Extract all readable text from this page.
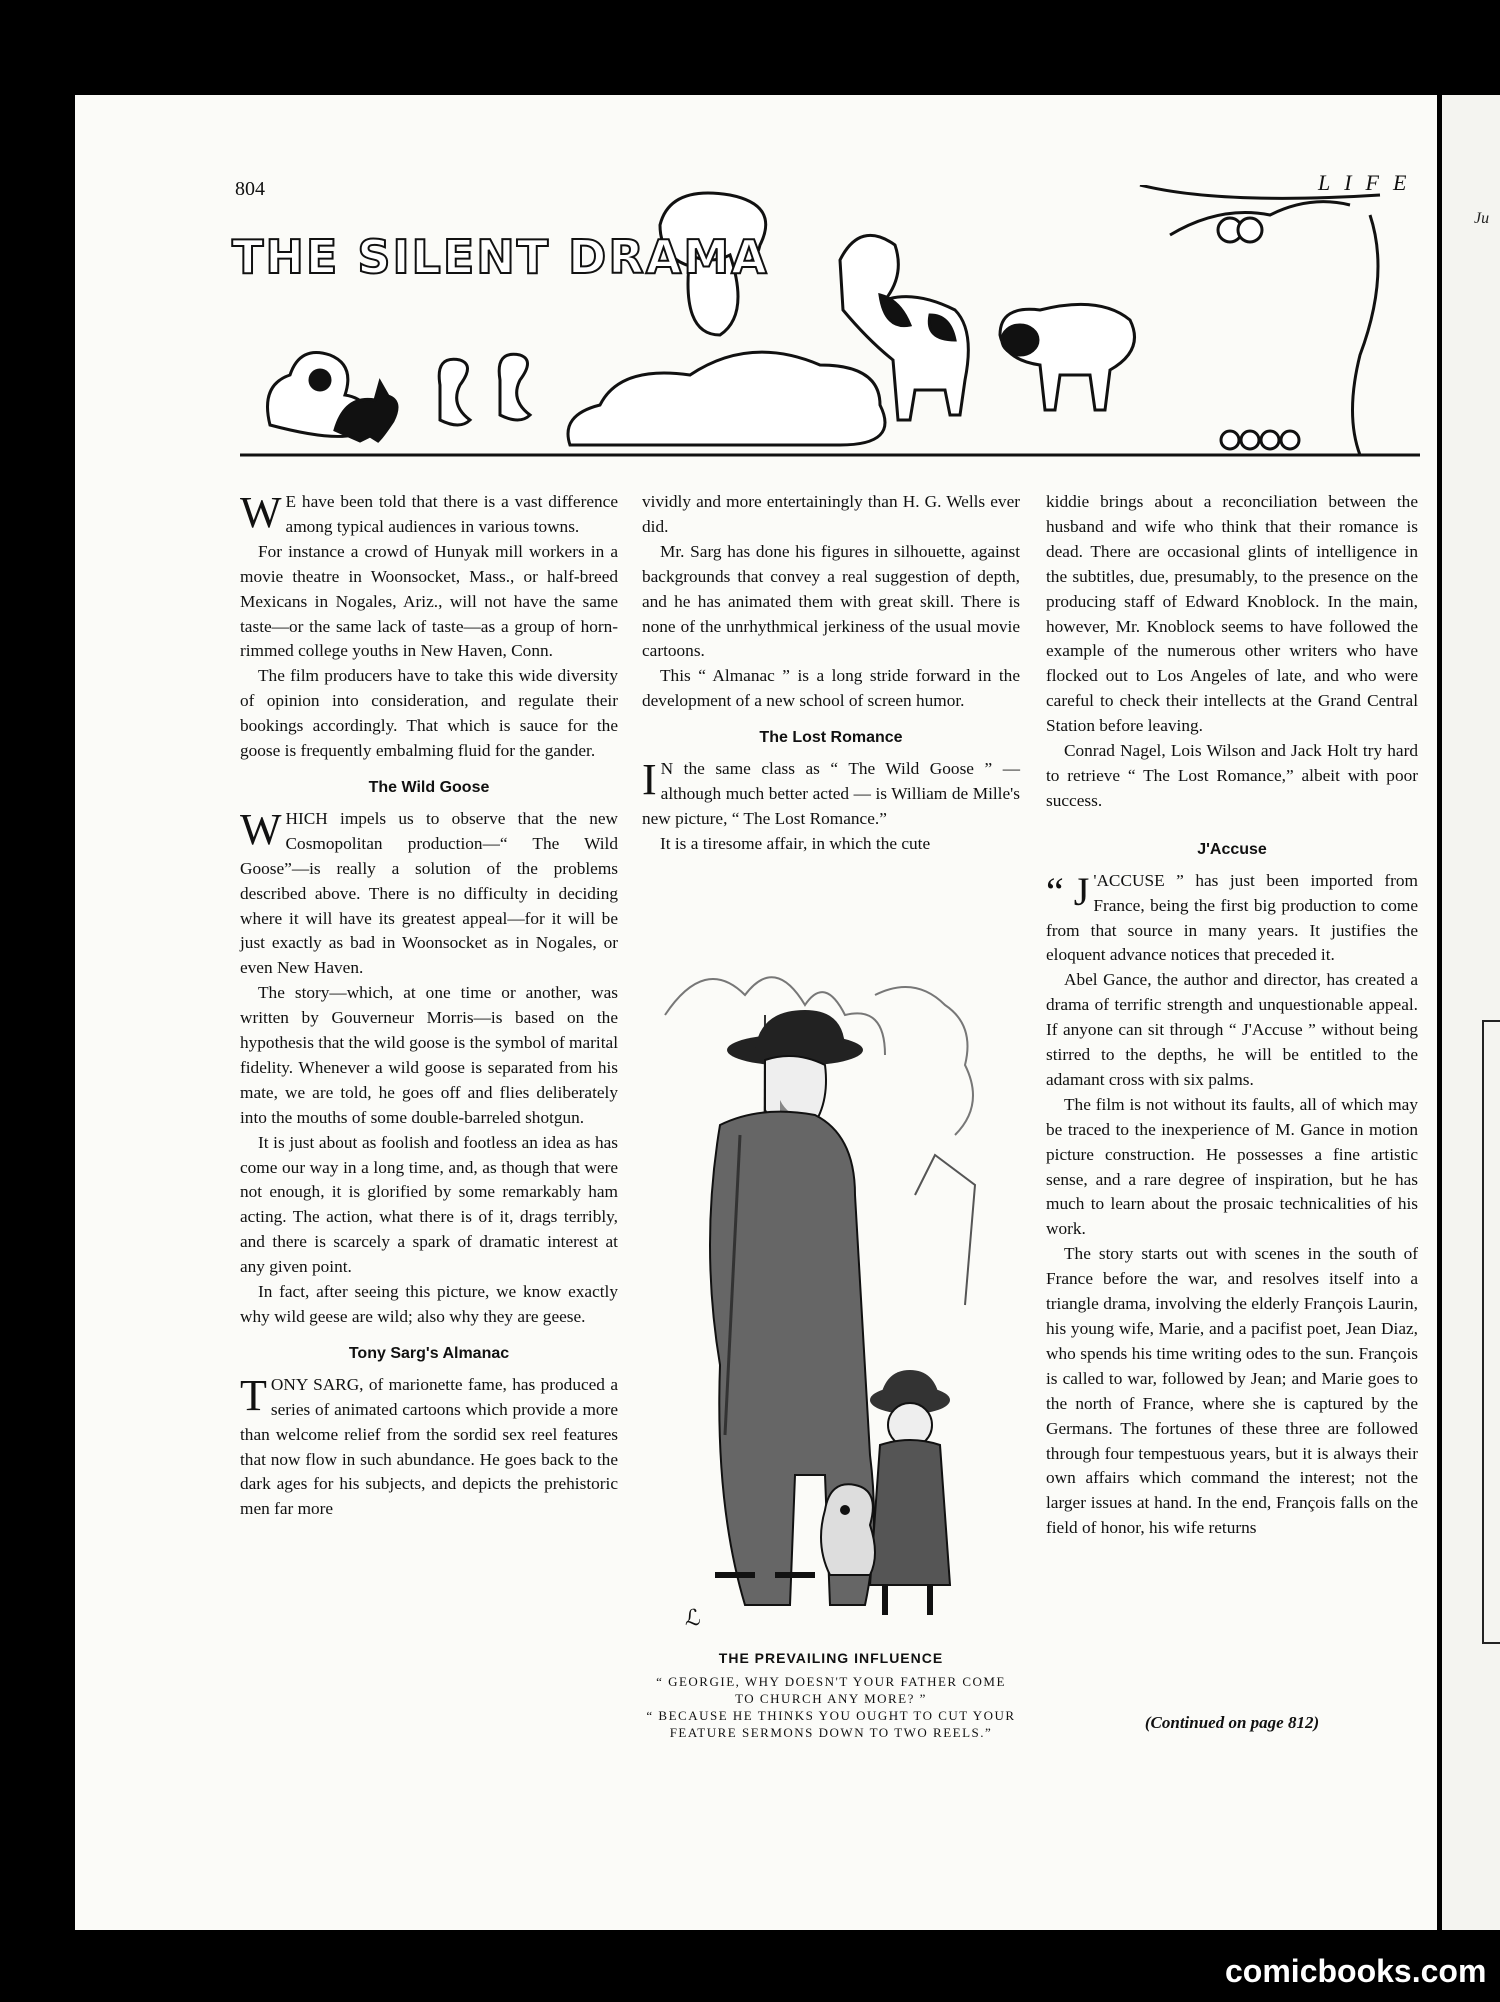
Ju
804	LIFE
THE SILENT DRAMA

W E have been told that there is a vast difference among typical audiences in various towns.

For instance a crowd of Hunyak mill workers in a movie theatre in Woonsocket, Mass., or half-breed Mexicans in Nogales, Ariz., will not have the same taste—or the same lack of taste—as a group of horn-rimmed college youths in New Haven, Conn.

The film producers have to take this wide diversity of opinion into consideration, and regulate their bookings accordingly. That which is sauce for the goose is frequently embalming fluid for the gander.

The Wild Goose

WHICH impels us to observe that the new Cosmopolitan production—“ The Wild Goose”—is really a solution of the problems described above. There is no difficulty in deciding where it will have its greatest appeal—for it will be just exactly as bad in Woonsocket as in Nogales, or even New Haven.

The story—which, at one time or another, was written by Gouverneur Morris—is based on the hypothesis that the wild goose is the symbol of marital fidelity. Whenever a wild goose is separated from his mate, we are told, he goes off and flies deliberately into the mouths of some double-barreled shotgun.

It is just about as foolish and footless an idea as has come our way in a long time, and, as though that were not enough, it is glorified by some remarkably ham acting. The action, what there is of it, drags terribly, and there is scarcely a spark of dramatic interest at any given point.

In fact, after seeing this picture, we know exactly why wild geese are wild; also why they are geese.

Tony Sarg's Almanac

TONY SARG, of marionette fame, has produced a series of animated cartoons which provide a more than welcome relief from the sordid sex reel features that now flow in such abundance. He goes back to the dark ages for his subjects, and depicts the prehistoric men far more

vividly and more entertainingly than H. G. Wells ever did.

Mr. Sarg has done his figures in silhouette, against backgrounds that convey a real suggestion of depth, and he has animated them with great skill. There is none of the unrhythmical jerkiness of the usual movie cartoons.

This “ Almanac ” is a long stride forward in the development of a new school of screen humor.

The Lost Romance

I N the same class as “ The Wild Goose ” — although much better acted — is William de Mille's new picture, “ The Lost Romance.”

It is a tiresome affair, in which the cute

ℒ
THE PREVAILING INFLUENCE
“ GEORGIE, WHY DOESN'T YOUR FATHER COME TO CHURCH ANY MORE? ”
“ BECAUSE HE THINKS YOU OUGHT TO CUT YOUR FEATURE SERMONS DOWN TO TWO REELS.”

kiddie brings about a reconciliation between the husband and wife who think that their romance is dead. There are occasional glints of intelligence in the subtitles, due, presumably, to the presence on the producing staff of Edward Knoblock. In the main, however, Mr. Knoblock seems to have followed the example of the numerous other writers who have flocked out to Los Angeles of late, and who were careful to check their intellects at the Grand Central Station before leaving.

Conrad Nagel, Lois Wilson and Jack Holt try hard to retrieve “ The Lost Romance,” albeit with poor success.

J'Accuse

“ J 'ACCUSE ” has just been imported from France, being the first big production to come from that source in many years. It justifies the eloquent advance notices that preceded it.

Abel Gance, the author and director, has created a drama of terrific strength and unquestionable appeal. If anyone can sit through “ J'Accuse ” without being stirred to the depths, he will be entitled to the adamant cross with six palms.

The film is not without its faults, all of which may be traced to the inexperience of M. Gance in motion picture construction. He possesses a fine artistic sense, and a rare degree of inspiration, but he has much to learn about the prosaic technicalities of his work.

The story starts out with scenes in the south of France before the war, and resolves itself into a triangle drama, involving the elderly François Laurin, his young wife, Marie, and a pacifist poet, Jean Diaz, who spends his time writing odes to the sun. François is called to war, followed by Jean; and Marie goes to the north of France, where she is captured by the Germans. The fortunes of these three are followed through four tempestuous years, but it is always their own affairs which command the interest; not the larger issues at hand. In the end, François falls on the field of honor, his wife returns

(Continued on page 812)
comicbooks.com
